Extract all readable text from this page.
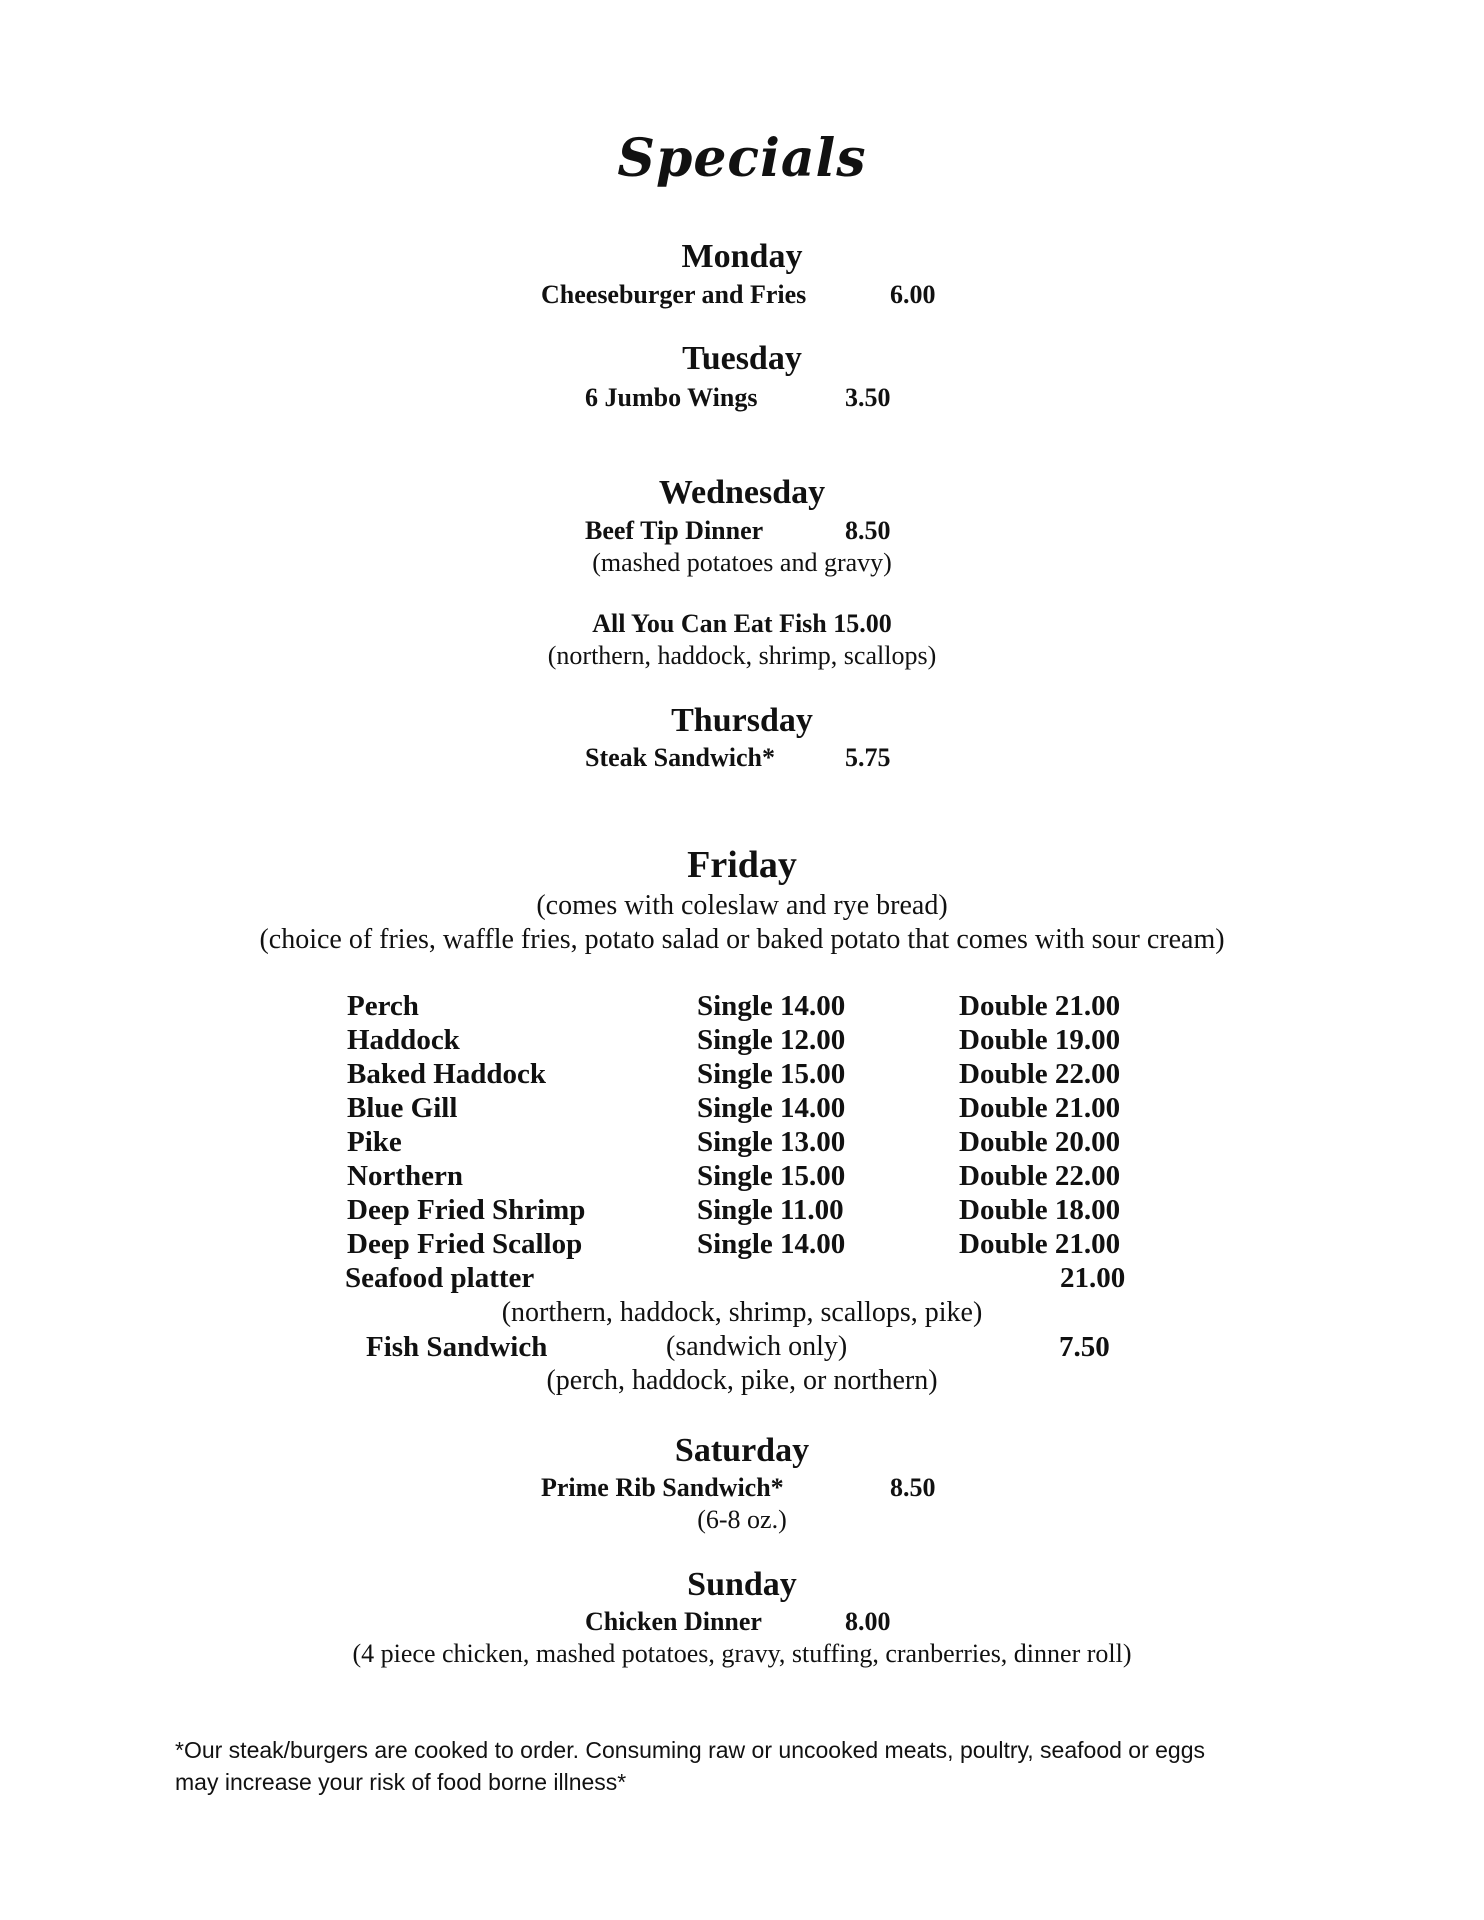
Specials
Monday
Cheeseburger and Fries	6.00
Tuesday
6 Jumbo Wings	3.50
Wednesday
Beef Tip Dinner	8.50
(mashed potatoes and gravy)
All You Can Eat Fish 15.00
(northern, haddock, shrimp, scallops)
Thursday
Steak Sandwich*	5.75
Friday
(comes with coleslaw and rye bread)
(choice of fries, waffle fries, potato salad or baked potato that comes with sour cream)
Perch	Single 14.00	Double 21.00
Haddock	Single 12.00	Double 19.00
Baked Haddock	Single 15.00	Double 22.00
Blue Gill	Single 14.00	Double 21.00
Pike	Single 13.00	Double 20.00
Northern	Single 15.00	Double 22.00
Deep Fried Shrimp	Single 11.00	Double 18.00
Deep Fried Scallop	Single 14.00	Double 21.00
Seafood platter	21.00
(northern, haddock, shrimp, scallops, pike)
Fish Sandwich	(sandwich only)	7.50
(perch, haddock, pike, or northern)
Saturday
Prime Rib Sandwich*	8.50
(6-8 oz.)
Sunday
Chicken Dinner	8.00
(4 piece chicken, mashed potatoes, gravy, stuffing, cranberries, dinner roll)
*Our steak/burgers are cooked to order. Consuming raw or uncooked meats, poultry, seafood or eggs
may increase your risk of food borne illness*
